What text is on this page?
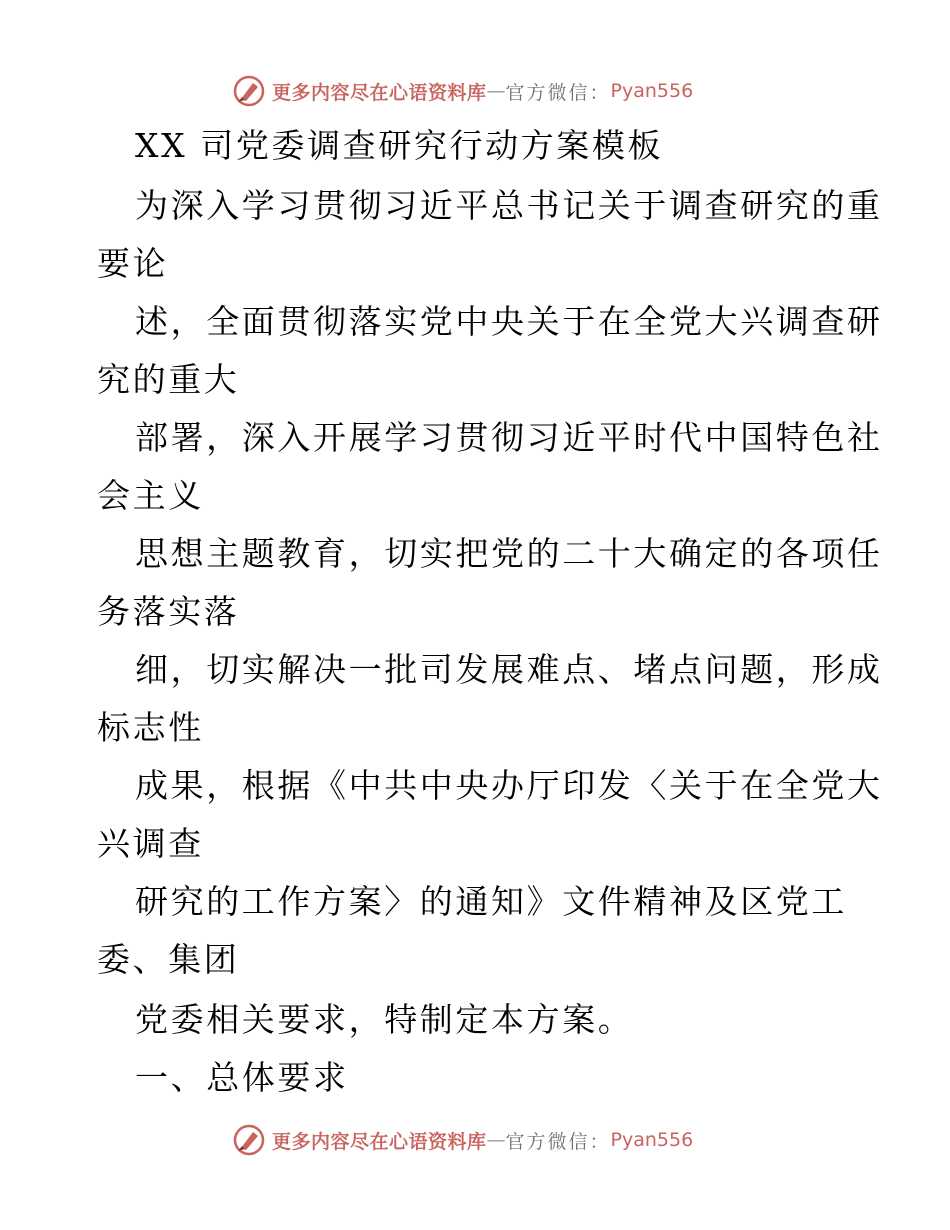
更多内容尽在心语资料库 — 官方微信： Pyan556
XX 司党委调查研究行动方案模板
为深入学习贯彻习近平总书记关于调查研究的重
要论
述，全面贯彻落实党中央关于在全党大兴调查研
究的重大
部署，深入开展学习贯彻习近平时代中国特色社
会主义
思想主题教育，切实把党的二十大确定的各项任
务落实落
细，切实解决一批司发展难点、堵点问题，形成
标志性
成果，根据《中共中央办厅印发〈关于在全党大
兴调查
研究的工作方案〉的通知》文件精神及区党工
委、集团
党委相关要求，特制定本方案。
一、总体要求
更多内容尽在心语资料库 — 官方微信： Pyan556
